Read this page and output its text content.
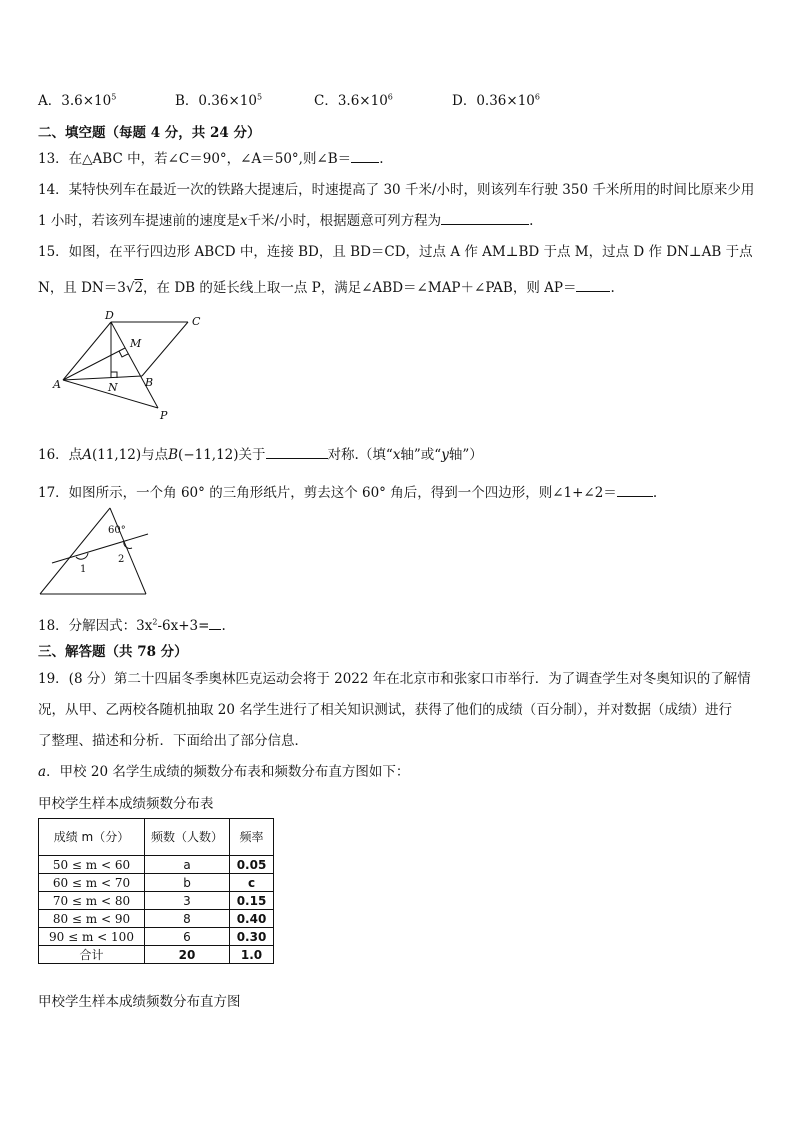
A．$3.6\times 10^5$	B．$0.36\times 10^5$	C．$3.6\times 10^6$	D．$0.36\times 10^6$
二、填空题（每题 4 分，共 24 分）
13．在△ABC 中，若∠C＝90°，∠A＝50°,则∠B＝ .
14．某特快列车在最近一次的铁路大提速后，时速提高了 30 千米/小时，则该列车行驶 350 千米所用的时间比原来少用
1 小时，若该列车提速前的速度是x千米/小时，根据题意可列方程为	.
15．如图，在平行四边形 ABCD 中，连接 BD，且 BD＝CD，过点 A 作 AM⊥BD 于点 M，过点 D 作 DN⊥AB 于点
N，且 DN＝3√2，在 DB 的延长线上取一点 P，满足∠ABD＝∠MAP＋∠PAB，则 AP＝	.
D	C
M
A	N B
P
16．点A(11,12)与点B(−11,12)关于	对称.（填“x轴”或“y轴”）
17．如图所示，一个角 60° 的三角形纸片，剪去这个 60° 角后，得到一个四边形，则∠1+∠2＝	.
60°
1
2
18．分解因式：$3x^2-6x+3=$ .
三、解答题（共 78 分）
19．(8 分）第二十四届冬季奥林匹克运动会将于 2022 年在北京市和张家口市举行．为了调查学生对冬奥知识的了解情
况，从甲、乙两校各随机抽取 20 名学生进行了相关知识测试，获得了他们的成绩（百分制），并对数据（成绩）进行
了整理、描述和分析．下面给出了部分信息．
a．甲校 20 名学生成绩的频数分布表和频数分布直方图如下：
甲校学生样本成绩频数分布表
成绩 m（分）	频数（人数）	频率
50 ≤ m < 60	a	0.05
60 ≤ m < 70	b	c
70 ≤ m < 80	3	0.15
80 ≤ m < 90	8	0.40
90 ≤ m < 100	6	0.30
合计	20	1.0
甲校学生样本成绩频数分布直方图
